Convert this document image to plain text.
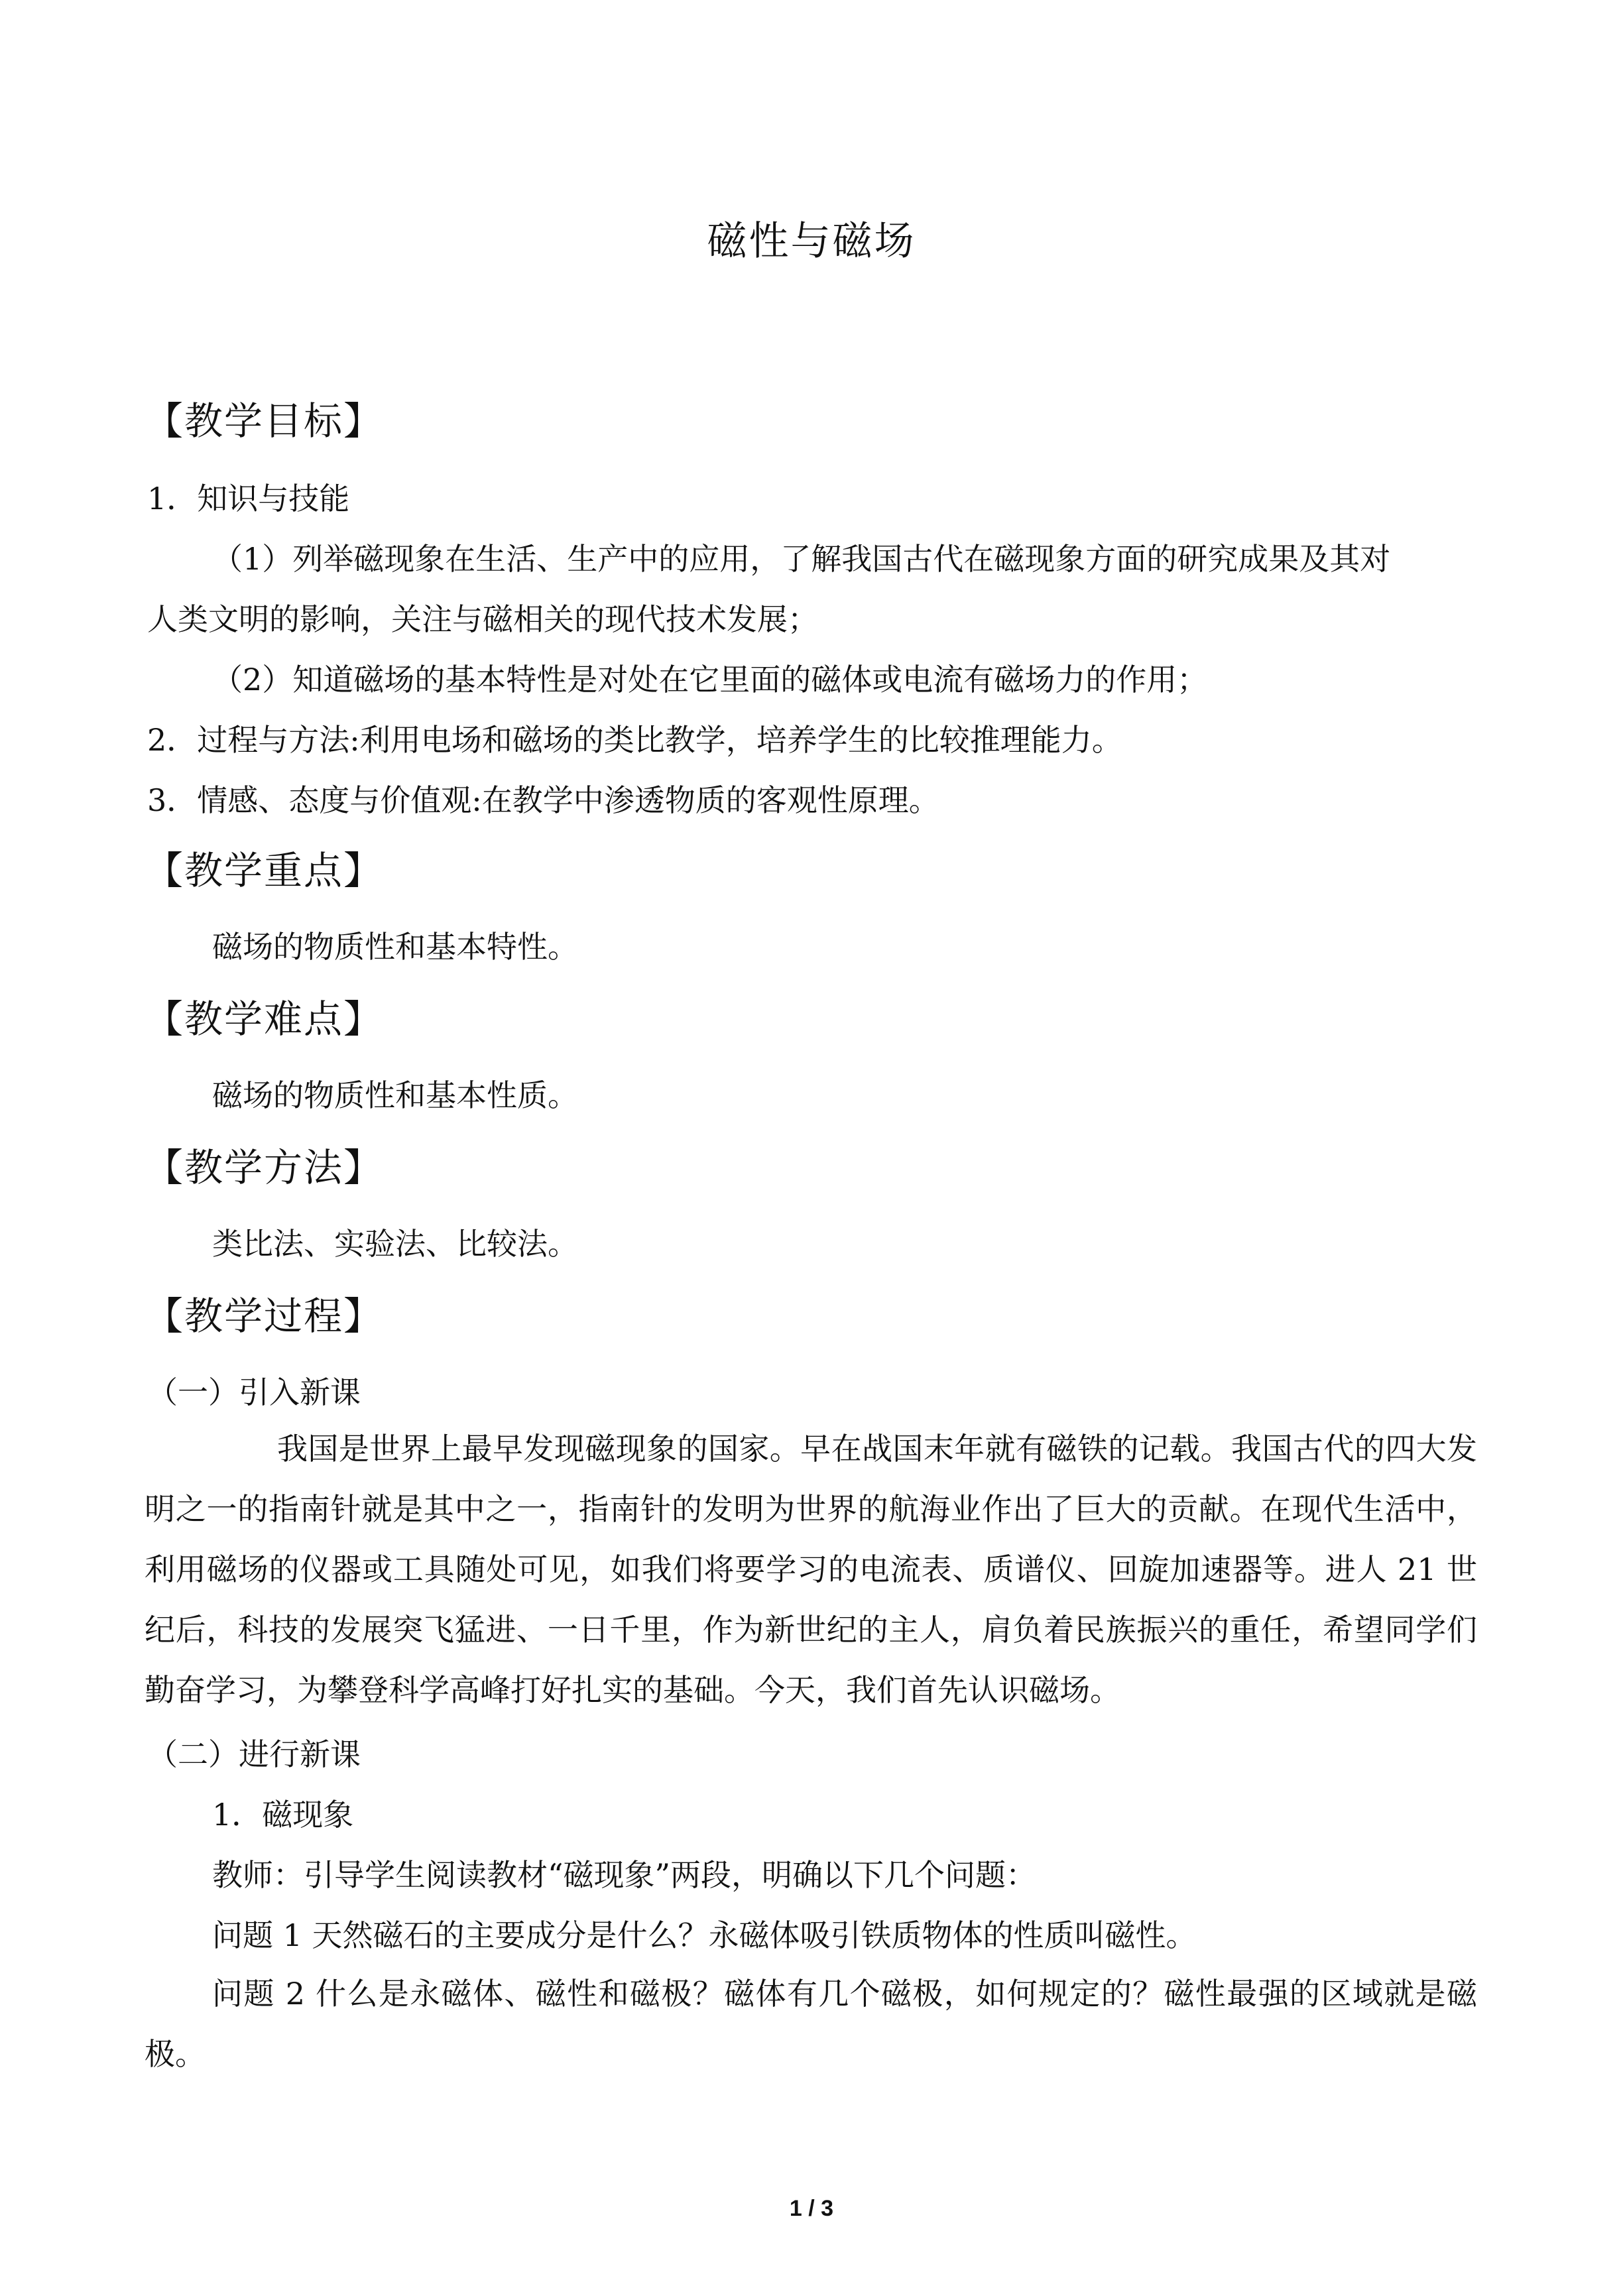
磁性与磁场
【教学目标】
1．知识与技能
（1）列举磁现象在生活、生产中的应用，了解我国古代在磁现象方面的研究成果及其对
人类文明的影响，关注与磁相关的现代技术发展；
（2）知道磁场的基本特性是对处在它里面的磁体或电流有磁场力的作用；
2．过程与方法:利用电场和磁场的类比教学，培养学生的比较推理能力。
3．情感、态度与价值观:在教学中渗透物质的客观性原理。
【教学重点】
磁场的物质性和基本特性。
【教学难点】
磁场的物质性和基本性质。
【教学方法】
类比法、实验法、比较法。
【教学过程】
（一）引入新课
我国是世界上最早发现磁现象的国家。早在战国末年就有磁铁的记载。我国古代的四大发明之一的指南针就是其中之一，指南针的发明为世界的航海业作出了巨大的贡献。在现代生活中，利用磁场的仪器或工具随处可见，如我们将要学习的电流表、质谱仪、回旋加速器等。进人 21 世纪后，科技的发展突飞猛进、一日千里，作为新世纪的主人，肩负着民族振兴的重任，希望同学们勤奋学习，为攀登科学高峰打好扎实的基础。今天，我们首先认识磁场。
（二）进行新课
1．磁现象
教师：引导学生阅读教材“磁现象”两段，明确以下几个问题：
问题 1 天然磁石的主要成分是什么？永磁体吸引铁质物体的性质叫磁性。
问题 2 什么是永磁体、磁性和磁极？磁体有几个磁极，如何规定的？磁性最强的区域就是磁极。
1 / 3
